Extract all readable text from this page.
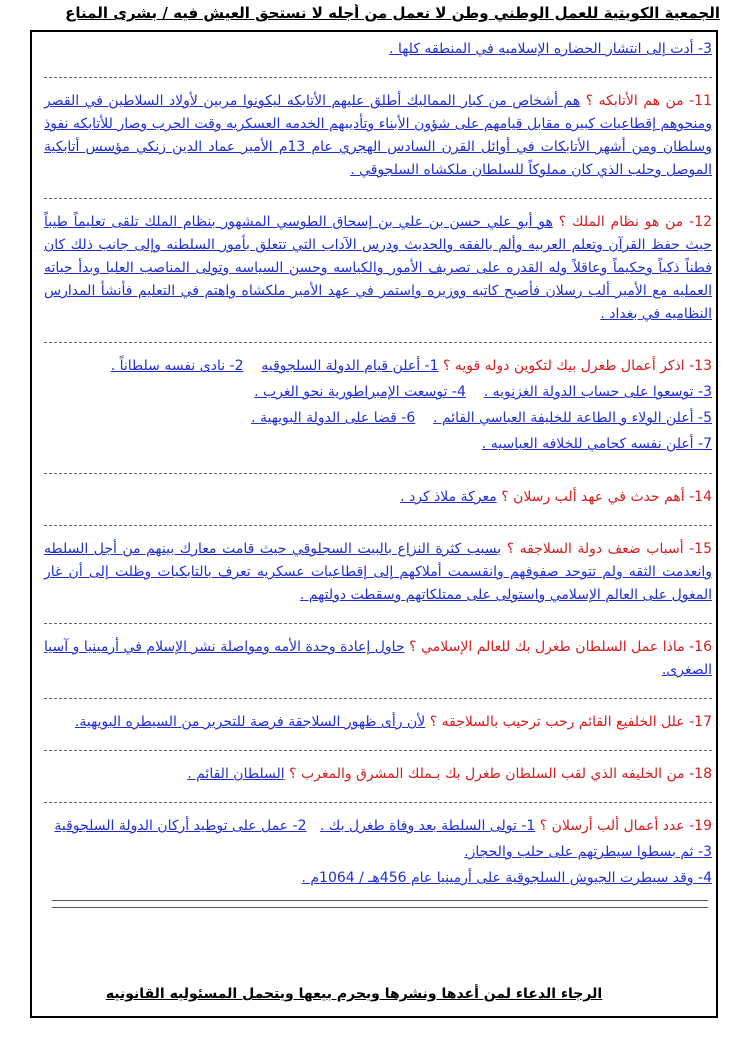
الجمعية الكويتية للعمل الوطني وطن لا نعمل من أجله لا نستحق العيش فيه / بشرى المناع
3- أدت إلى انتشار الحضاره الإسلاميه في المنطقه كلها .
11- من هم الأتابكه ؟ هم أشخاص من كبار المماليك أطلق عليهم الأتابكه ليكونوا مربين لأولاد السلاطين في القصر ومنحوهم إقطاعيات كبيره مقابل قيامهم على شؤون الأبناء وتأديبهم الخدمه العسكريه وقت الحرب وصار للأتابكه نفوذ وسلطان ومن أشهر الأتابكات في أوائل القرن السادس الهجري عام 13م الأمير عماد الدين زنكي مؤسس أتابكية الموصل وحلب الذي كان مملوكاً للسلطان ملكشاه السلجوقي .
12- من هو نظام الملك ؟ هو أبو علي حسن بن علي بن إسحاق الطوسي المشهور بنظام الملك تلقى تعليماً طيباً حيث حفظ القرآن وتعلم العربيه وألم بالفقه والحديث ودرس الآداب التي تتعلق بأمور السلطنه وإلى جانب ذلك كان فطناً ذكياً وحكيماً وعاقلاً وله القدره على تصريف الأمور والكياسه وحسن السياسه وتولى المناصب العليا وبدأ حياته العمليه مع الأمير ألب رسلان فأصبح كاتبه ووزيره واستمر في عهد الأمير ملكشاه واهتم في التعليم فأنشأ المدارس النظاميه في بغداد .
13- اذكر أعمال طغرل بيك لتكوين دوله قويه ؟ 1- أعلن قيام الدولة السلجوقيه    2- نادى نفسه سلطاناً .
3- توسعوا على حساب الدولة الغزنويه .    4- توسعت الإمبراطورية نحو الغرب .
5- أعلن الولاء و الطاعة للخليفة العباسي القائم .    6- قضا على الدولة البويهية .
7- أعلن نفسه كحامي للخلافه العباسيه .
14- أهم حدث في عهد ألب رسلان ؟ معركة ملاذ كرد .
15- أسباب ضعف دولة السلاجقه ؟ بسبب كثرة النزاع بالبيت السجلوقي حيث قامت معارك بينهم من أجل السلطه وانعدمت الثقه ولم تتوحد صفوفهم وانقسمت أملاكهم إلى إقطاعيات عسكريه تعرف بالتابكيات وظلت إلى أن غار المغول على العالم الإسلامي واستولى على ممتلكاتهم وسقطت دولتهم .
16- ماذا عمل السلطان طغرل بك للعالم الإسلامي ؟ حاول إعادة وحدة الأمه ومواصلة نشر الإسلام في أرمينيا و آسيا الصغرى.
17- علل الخلفيع القائم رحب ترحيب بالسلاجقه ؟ لأن رأى ظهور السلاجقة فرصة للتحرير من السيطره البويهية.
18- من الخليفه الذي لقب السلطان طغرل بك بـملك المشرق والمغرب ؟ السلطان القائم .
19- عدد أعمال ألب أرسلان ؟ 1- تولى السلطة بعد وفاة طغرل بك .   2- عمل على توطيد أركان الدولة السلجوقية
3- ثم بسطوا سيطرتهم على حلب والحجاز.
4- وقد سيطرت الجيوش السلجوقية على أرمينيا عام 456هـ / 1064م .
الرجاء الدعاء لمن أعدها ونشرها ويحرم بيعها ويتحمل المسئوليه القانونيه
